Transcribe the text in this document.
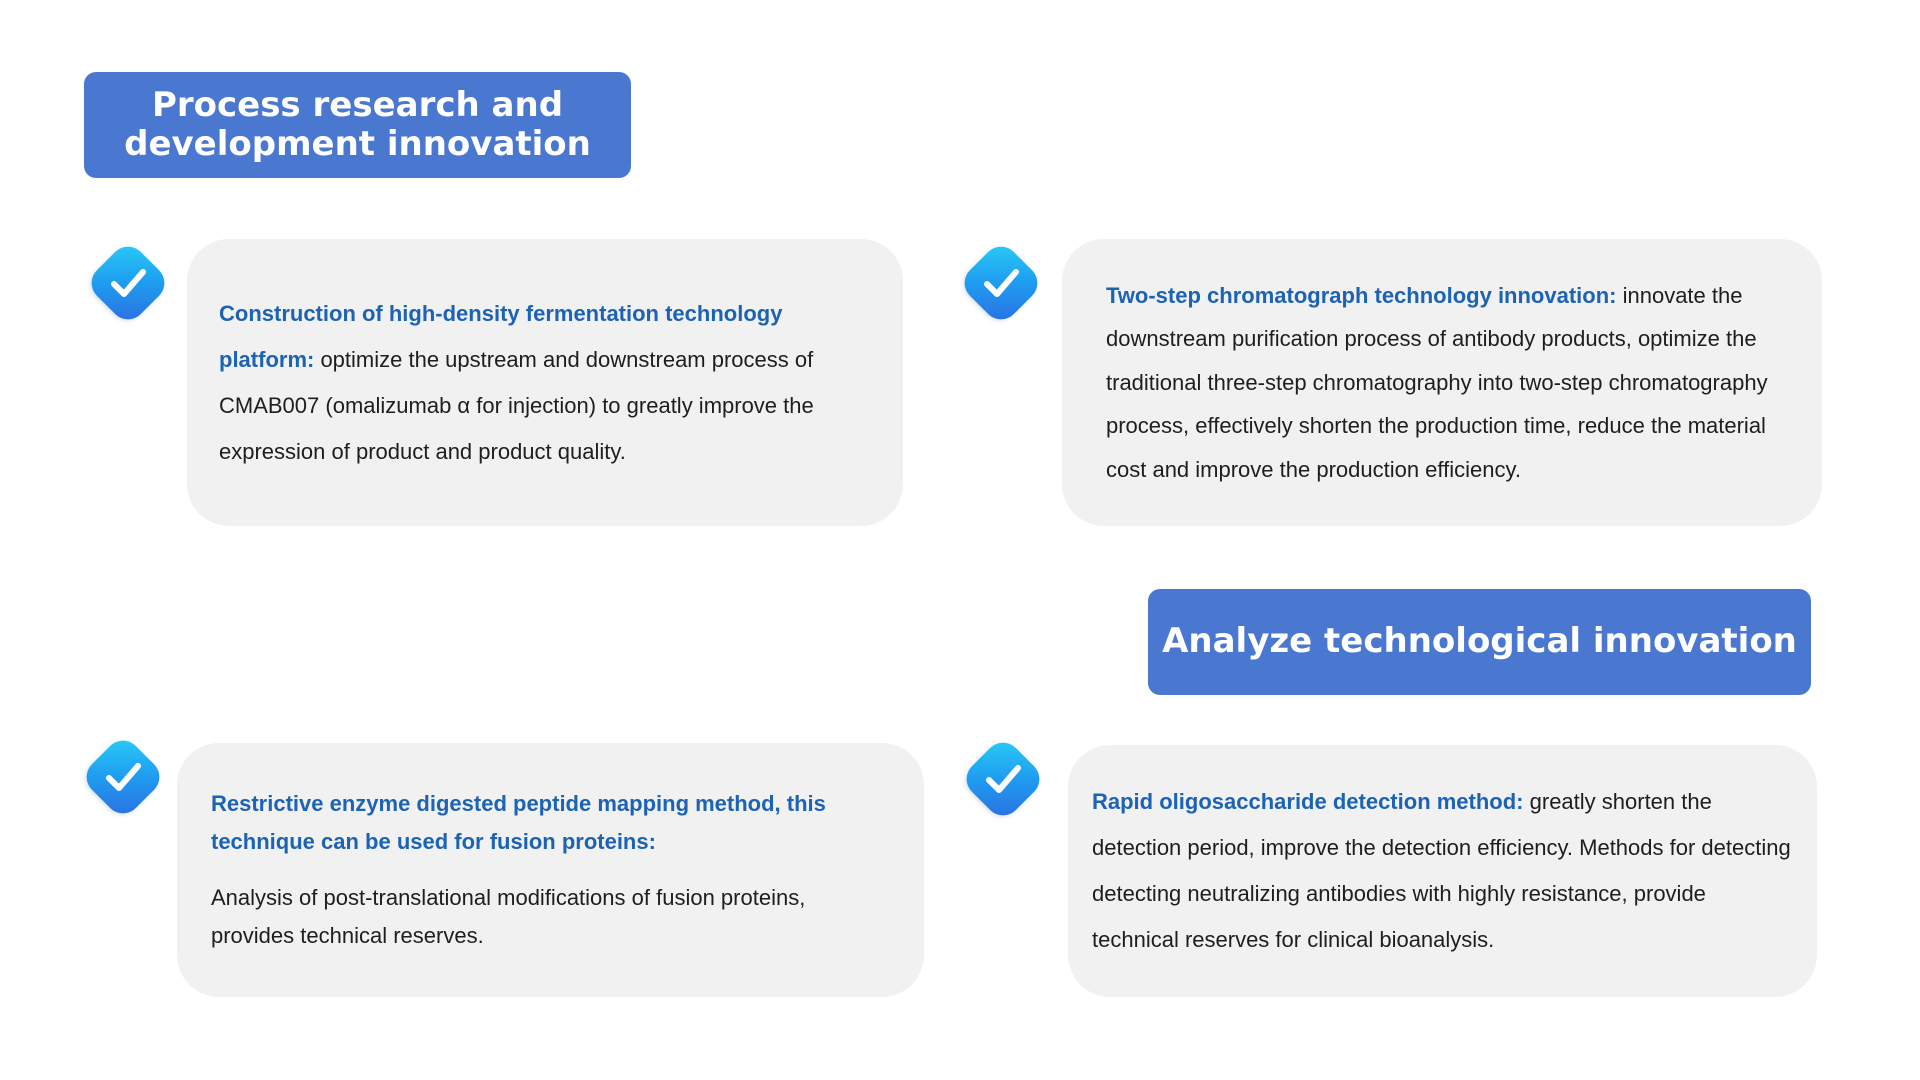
Process research and
development innovation
Analyze technological innovation

Construction of high-density fermentation technology platform: optimize the upstream and downstream process of CMAB007 (omalizumab α for injection) to greatly improve the expression of product and product quality.

Two-step chromatograph technology innovation: innovate the downstream purification process of antibody products, optimize the traditional three-step chromatography into two-step chromatography process, effectively shorten the production time, reduce the material cost and improve the production efficiency.

Restrictive enzyme digested peptide mapping method, this technique can be used for fusion proteins:

Analysis of post-translational modifications of fusion proteins, provides technical reserves.

Rapid oligosaccharide detection method: greatly shorten the detection period, improve the detection efficiency. Methods for detecting detecting neutralizing antibodies with highly resistance, provide technical reserves for clinical bioanalysis.
